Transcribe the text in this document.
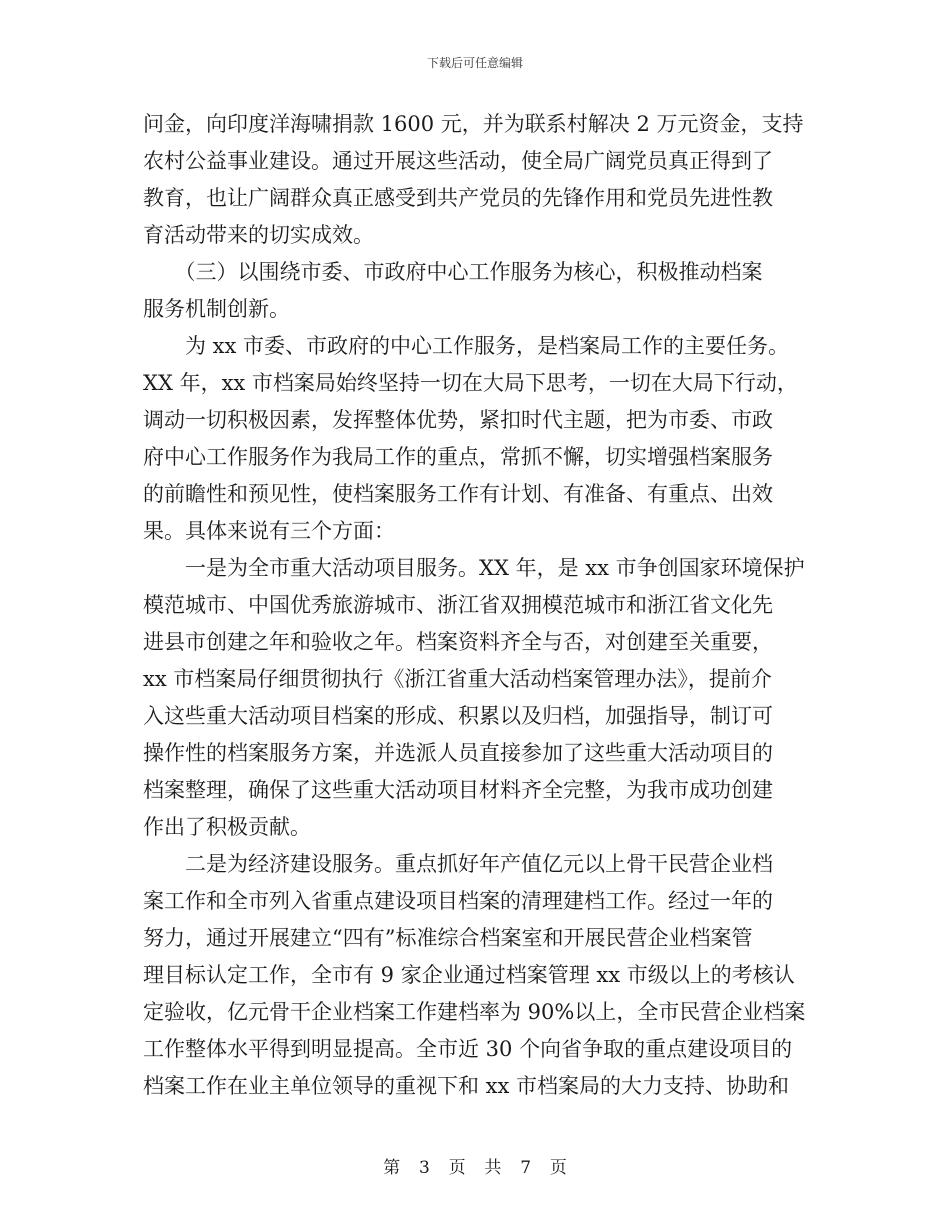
下载后可任意编辑
问金，向印度洋海啸捐款 1600 元，并为联系村解决 2 万元资金，支持
农村公益事业建设。通过开展这些活动，使全局广阔党员真正得到了
教育，也让广阔群众真正感受到共产党员的先锋作用和党员先进性教
育活动带来的切实成效。
　　（三）以围绕市委、市政府中心工作服务为核心，积极推动档案
服务机制创新。
　　为 xx 市委、市政府的中心工作服务，是档案局工作的主要任务。
XX 年，xx 市档案局始终坚持一切在大局下思考，一切在大局下行动，
调动一切积极因素，发挥整体优势，紧扣时代主题，把为市委、市政
府中心工作服务作为我局工作的重点，常抓不懈，切实增强档案服务
的前瞻性和预见性，使档案服务工作有计划、有准备、有重点、出效
果。具体来说有三个方面：
　　一是为全市重大活动项目服务。XX 年，是 xx 市争创国家环境保护
模范城市、中国优秀旅游城市、浙江省双拥模范城市和浙江省文化先
进县市创建之年和验收之年。档案资料齐全与否，对创建至关重要，
xx 市档案局仔细贯彻执行《浙江省重大活动档案管理办法》，提前介
入这些重大活动项目档案的形成、积累以及归档，加强指导，制订可
操作性的档案服务方案，并选派人员直接参加了这些重大活动项目的
档案整理，确保了这些重大活动项目材料齐全完整，为我市成功创建
作出了积极贡献。
　　二是为经济建设服务。重点抓好年产值亿元以上骨干民营企业档
案工作和全市列入省重点建设项目档案的清理建档工作。经过一年的
努力，通过开展建立“四有”标准综合档案室和开展民营企业档案管
理目标认定工作，全市有 9 家企业通过档案管理 xx 市级以上的考核认
定验收，亿元骨干企业档案工作建档率为 90%以上，全市民营企业档案
工作整体水平得到明显提高。全市近 30 个向省争取的重点建设项目的
档案工作在业主单位领导的重视下和 xx 市档案局的大力支持、协助和
第 3 页 共 7 页
